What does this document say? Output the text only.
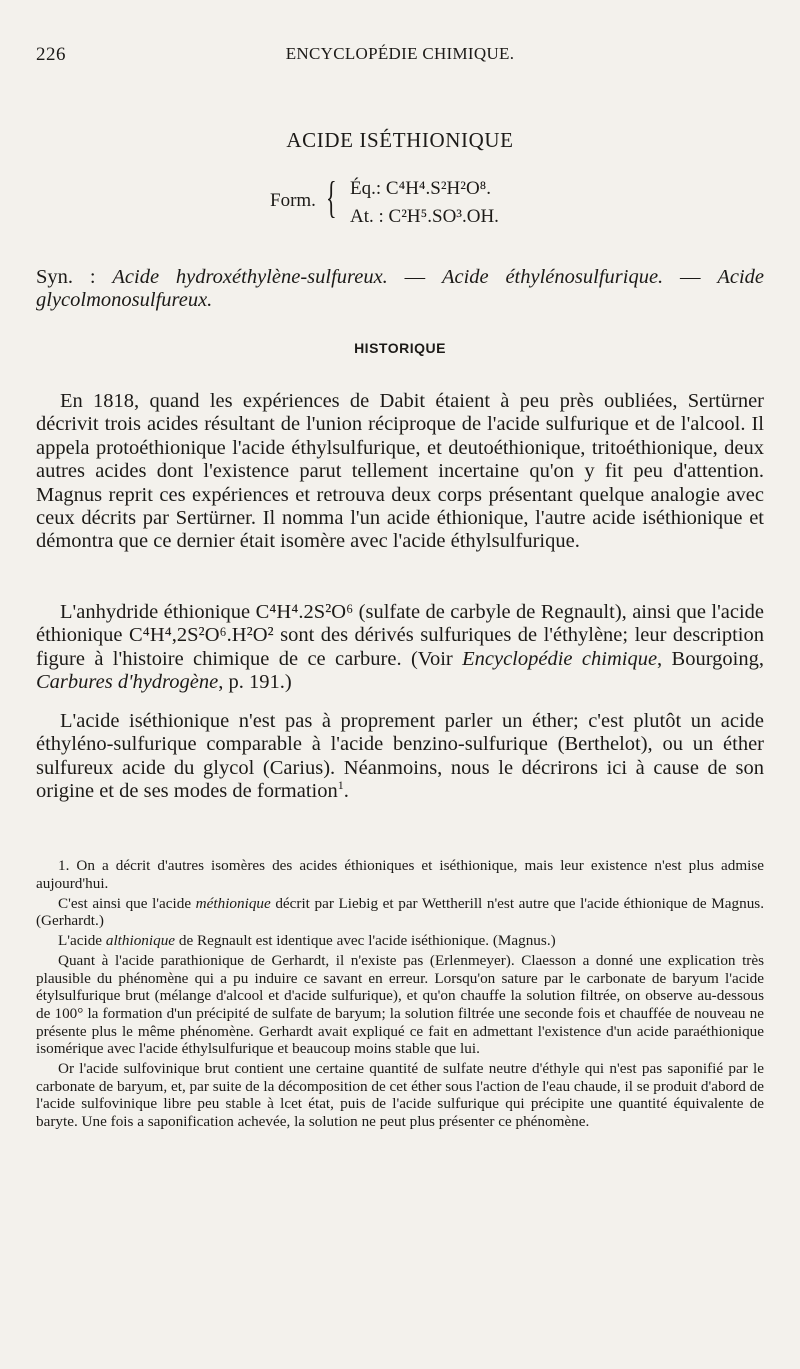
226	ENCYCLOPÉDIE CHIMIQUE.
ACIDE ISÉTHIONIQUE
Form. { Éq.: C⁴H⁴.S²H²O⁸.
At. : C²H⁵.SO³.OH.
Syn. : Acide hydroxéthylène-sulfureux. — Acide éthylénosulfurique. — Acide glycolmonosulfureux.
HISTORIQUE
En 1818, quand les expériences de Dabit étaient à peu près oubliées, Sertürner décrivit trois acides résultant de l'union réciproque de l'acide sulfurique et de l'alcool. Il appela protoéthionique l'acide éthylsulfurique, et deutoéthionique, tritoéthionique, deux autres acides dont l'existence parut tellement incertaine qu'on y fit peu d'attention. Magnus reprit ces expériences et retrouva deux corps présentant quelque analogie avec ceux décrits par Sertürner. Il nomma l'un acide éthionique, l'autre acide iséthionique et démontra que ce dernier était isomère avec l'acide éthylsulfurique.
L'anhydride éthionique C⁴H⁴.2S²O⁶ (sulfate de carbyle de Regnault), ainsi que l'acide éthionique C⁴H⁴,2S²O⁶.H²O² sont des dérivés sulfuriques de l'éthylène; leur description figure à l'histoire chimique de ce carbure. (Voir Encyclopédie chimique, Bourgoing, Carbures d'hydrogène, p. 191.)
L'acide iséthionique n'est pas à proprement parler un éther; c'est plutôt un acide éthyléno-sulfurique comparable à l'acide benzino-sulfurique (Berthelot), ou un éther sulfureux acide du glycol (Carius). Néanmoins, nous le décrirons ici à cause de son origine et de ses modes de formation$^1$.

1. On a décrit d'autres isomères des acides éthioniques et iséthionique, mais leur existence n'est plus admise aujourd'hui.

C'est ainsi que l'acide méthionique décrit par Liebig et par Wettherill n'est autre que l'acide éthionique de Magnus. (Gerhardt.)

L'acide althionique de Regnault est identique avec l'acide iséthionique. (Magnus.)

Quant à l'acide parathionique de Gerhardt, il n'existe pas (Erlenmeyer). Claesson a donné une explication très plausible du phénomène qui a pu induire ce savant en erreur. Lorsqu'on sature par le carbonate de baryum l'acide étylsulfurique brut (mélange d'alcool et d'acide sulfurique), et qu'on chauffe la solution filtrée, on observe au-dessous de 100° la formation d'un précipité de sulfate de baryum; la solution filtrée une seconde fois et chauffée de nouveau ne présente plus le même phénomène. Gerhardt avait expliqué ce fait en admettant l'existence d'un acide paraéthionique isomérique avec l'acide éthylsulfurique et beaucoup moins stable que lui.

Or l'acide sulfovinique brut contient une certaine quantité de sulfate neutre d'éthyle qui n'est pas saponifié par le carbonate de baryum, et, par suite de la décomposition de cet éther sous l'action de l'eau chaude, il se produit d'abord de l'acide sulfovinique libre peu stable à lcet état, puis de l'acide sulfurique qui précipite une quantité équivalente de baryte. Une fois a saponification achevée, la solution ne peut plus présenter ce phénomène.
